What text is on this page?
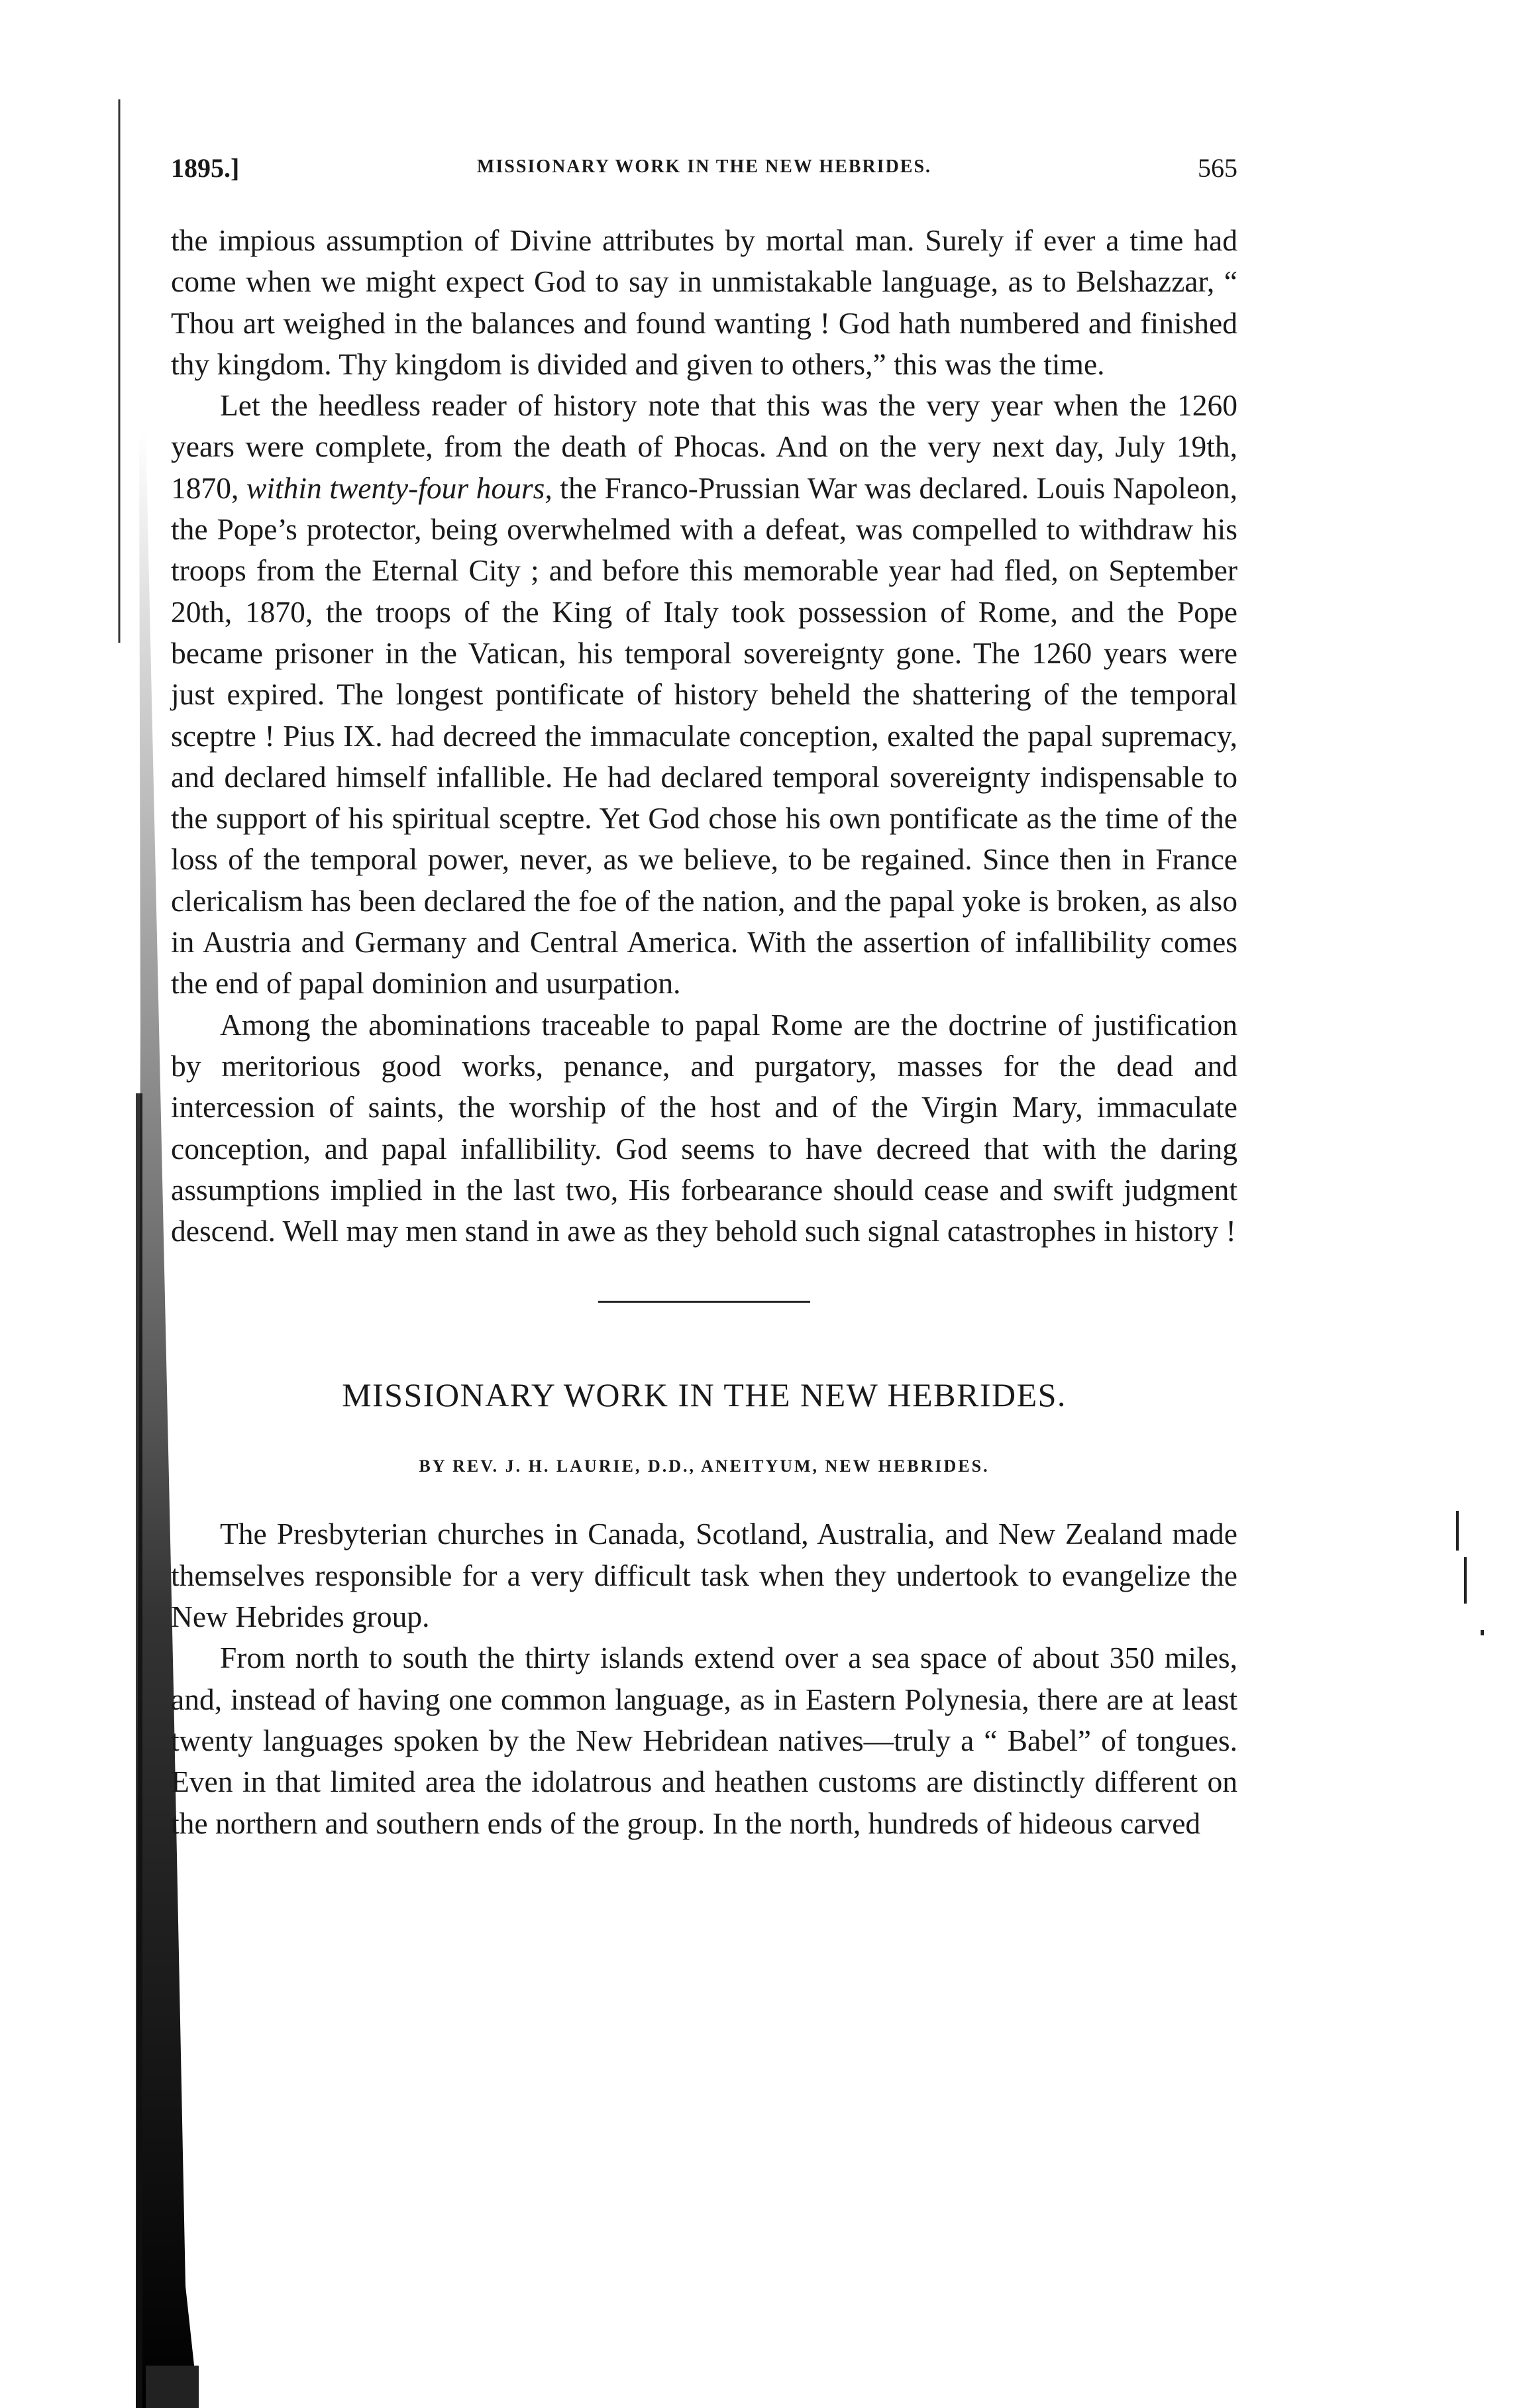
1895.]	MISSIONARY WORK IN THE NEW HEBRIDES.	565

the impious assumption of Divine attributes by mortal man. Surely if ever a time had come when we might expect God to say in unmistakable language, as to Belshazzar, “ Thou art weighed in the balances and found wanting ! God hath numbered and finished thy kingdom. Thy kingdom is divided and given to others,” this was the time.

Let the heedless reader of history note that this was the very year when the 1260 years were complete, from the death of Phocas. And on the very next day, July 19th, 1870, within twenty-four hours, the Franco-Prussian War was declared. Louis Napoleon, the Pope’s protector, being overwhelmed with a defeat, was compelled to withdraw his troops from the Eternal City ; and before this memorable year had fled, on September 20th, 1870, the troops of the King of Italy took possession of Rome, and the Pope became prisoner in the Vatican, his temporal sovereignty gone. The 1260 years were just expired. The longest pontificate of history beheld the shattering of the temporal sceptre ! Pius IX. had decreed the immaculate conception, exalted the papal supremacy, and declared himself infallible. He had declared temporal sovereignty indispensable to the support of his spiritual sceptre. Yet God chose his own pontificate as the time of the loss of the temporal power, never, as we believe, to be regained. Since then in France clericalism has been declared the foe of the nation, and the papal yoke is broken, as also in Austria and Germany and Central America. With the assertion of infallibility comes the end of papal dominion and usurpation.

Among the abominations traceable to papal Rome are the doctrine of justification by meritorious good works, penance, and purgatory, masses for the dead and intercession of saints, the worship of the host and of the Virgin Mary, immaculate conception, and papal infallibility. God seems to have decreed that with the daring assumptions implied in the last two, His forbearance should cease and swift judgment descend. Well may men stand in awe as they behold such signal catastrophes in history !

MISSIONARY WORK IN THE NEW HEBRIDES.
BY REV. J. H. LAURIE, D.D., ANEITYUM, NEW HEBRIDES.

The Presbyterian churches in Canada, Scotland, Australia, and New Zealand made themselves responsible for a very difficult task when they undertook to evangelize the New Hebrides group.

From north to south the thirty islands extend over a sea space of about 350 miles, and, instead of having one common language, as in Eastern Polynesia, there are at least twenty languages spoken by the New Hebridean natives—truly a “ Babel” of tongues. Even in that limited area the idolatrous and heathen customs are distinctly different on the northern and southern ends of the group. In the north, hundreds of hideous carved
